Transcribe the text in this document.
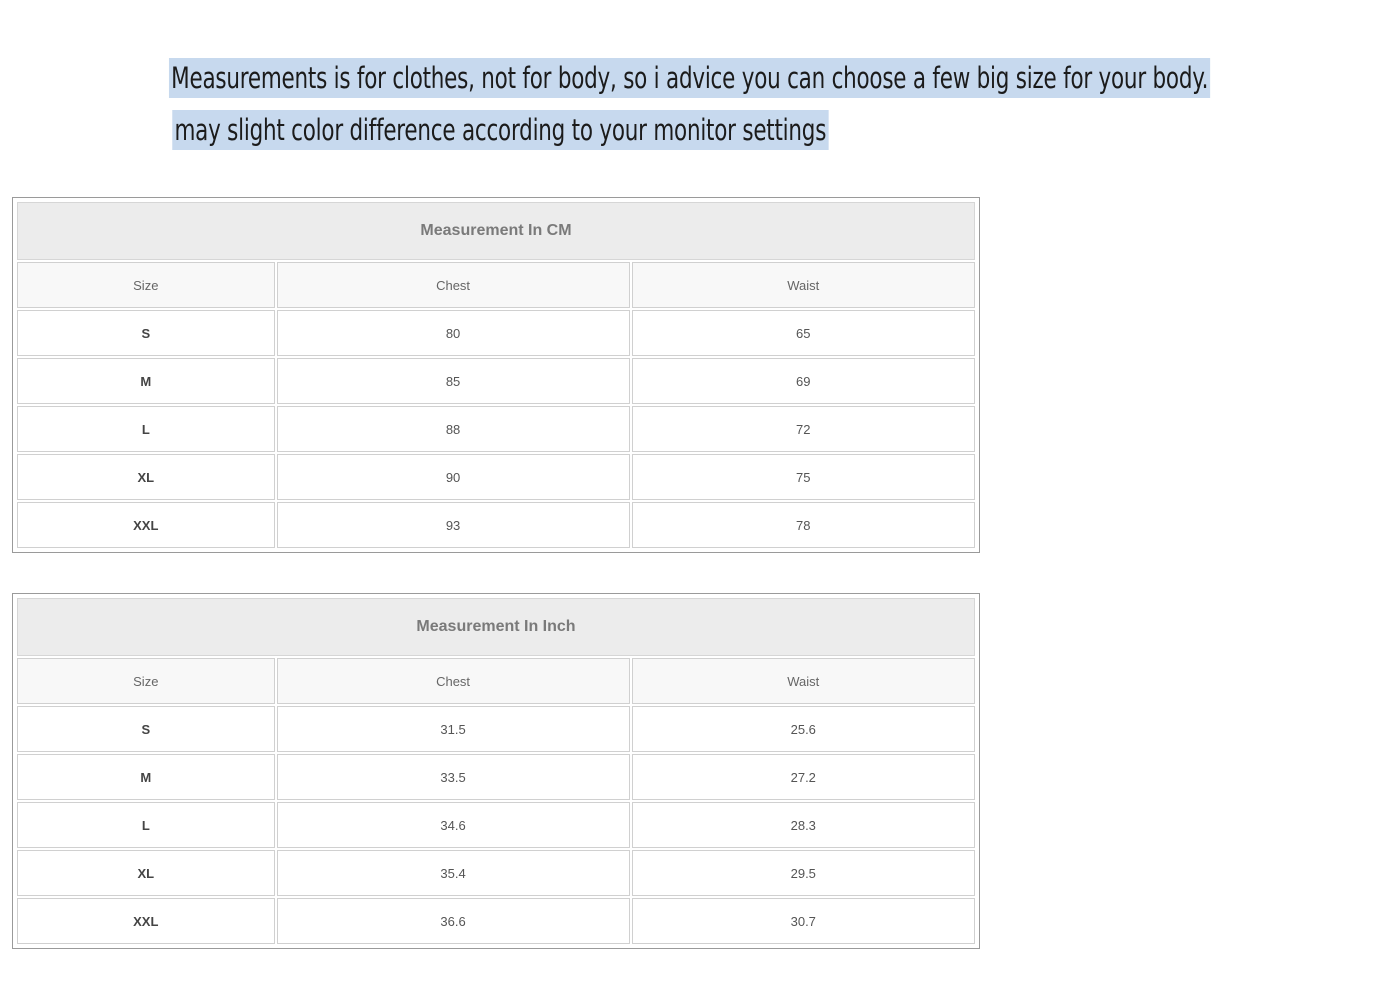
Measurements is for clothes, not for body, so i advice you can choose a few big size for your body.
may slight color difference according to your monitor settings
Measurement In CM		
Size	Chest	Waist
S	80	65
M	85	69
L	88	72
XL	90	75
XXL	93	78
Measurement In Inch		
Size	Chest	Waist
S	31.5	25.6
M	33.5	27.2
L	34.6	28.3
XL	35.4	29.5
XXL	36.6	30.7
